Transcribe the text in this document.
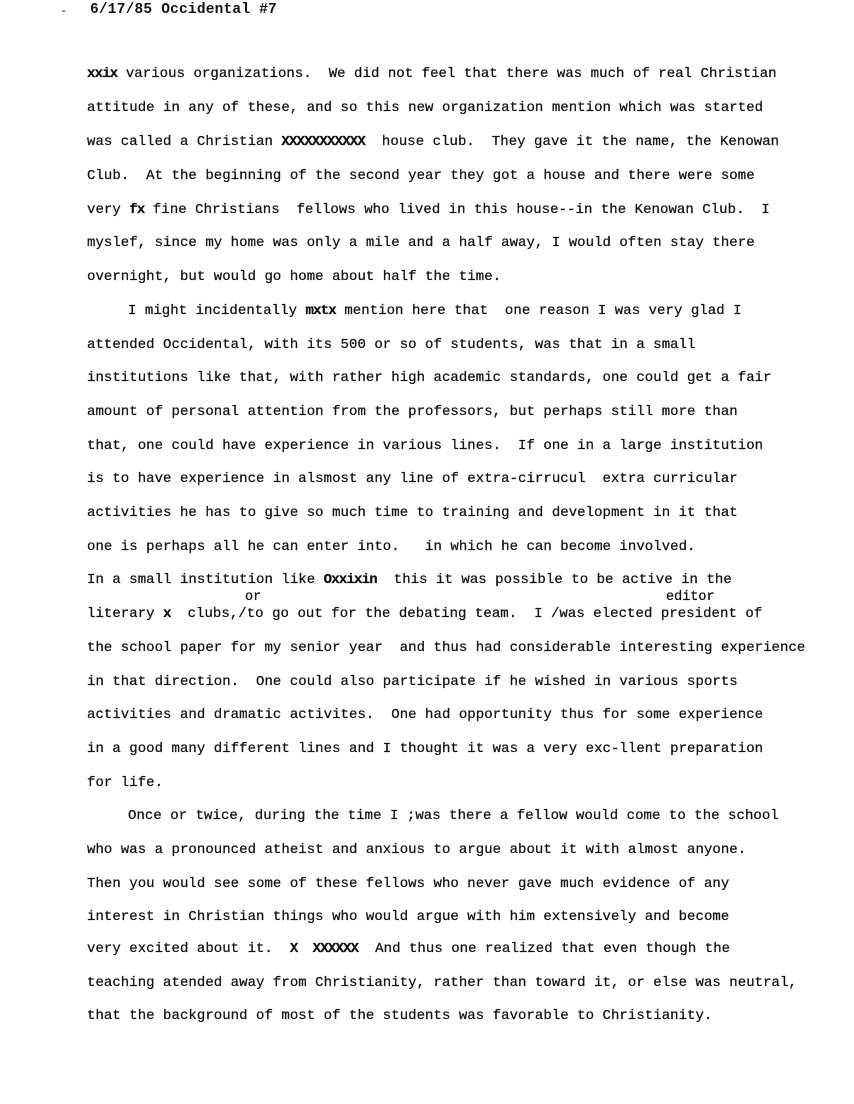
- 6/17/85 Occidental #7
xxix various organizations.  We did not feel that there was much of real Christian
attitude in any of these, and so this new organization mention which was started
was called a Christian XXXXXXXXXXX  house club.  They gave it the name, the Kenowan
Club.  At the beginning of the second year they got a house and there were some
very fx fine Christians  fellows who lived in this house--in the Kenowan Club.  I
myslef, since my home was only a mile and a half away, I would often stay there
overnight, but would go home about half the time.
I might incidentally mxtx mention here that  one reason I was very glad I
attended Occidental, with its 500 or so of students, was that in a small
institutions like that, with rather high academic standards, one could get a fair
amount of personal attention from the professors, but perhaps still more than
that, one could have experience in various lines.  If one in a large institution
is to have experience in alsmost any line of extra-cirrucul  extra curricular
activities he has to give so much time to training and development in it that
one is perhaps all he can enter into.   in which he can become involved.
In a small institution like Oxxixin  this it was possible to be active in the
or	editor
literary x  clubs,/to go out for the debating team.  I /was elected president of
the school paper for my senior year  and thus had considerable interesting experience
in that direction.  One could also participate if he wished in various sports
activities and dramatic activites.  One had opportunity thus for some experience
in a good many different lines and I thought it was a very exc-llent preparation
for life.
Once or twice, during the time I ;was there a fellow would come to the school
who was a pronounced atheist and anxious to argue about it with almost anyone.
Then you would see some of these fellows who never gave much evidence of any
interest in Christian things who would argue with him extensively and become
very excited about it.  X  XXXXXX  And thus one realized that even though the
teaching atended away from Christianity, rather than toward it, or else was neutral,
that the background of most of the students was favorable to Christianity.
